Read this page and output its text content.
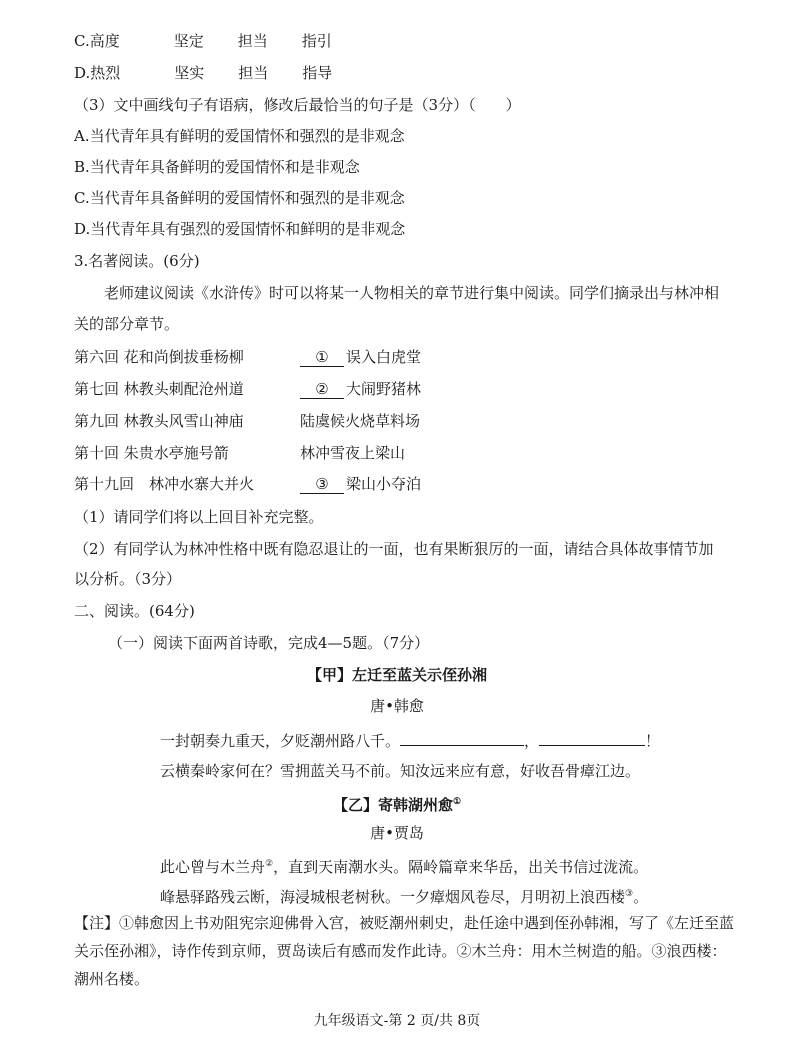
C.高度	坚定 担当 指引
D.热烈	坚实 担当 指导
（3）文中画线句子有语病，修改后最恰当的句子是（3分）（　　）
A.当代青年具有鲜明的爱国情怀和强烈的是非观念
B.当代青年具备鲜明的爱国情怀和是非观念
C.当代青年具备鲜明的爱国情怀和强烈的是非观念
D.当代青年具有强烈的爱国情怀和鲜明的是非观念
3.名著阅读。(6分)
老师建议阅读《水浒传》时可以将某一人物相关的章节进行集中阅读。同学们摘录出与林冲相
关的部分章节。
第六回 花和尚倒拔垂杨柳	① 误入白虎堂
第七回 林教头刺配沧州道	② 大闹野猪林
第九回 林教头风雪山神庙	陆虞候火烧草料场
第十回 朱贵水亭施号箭	林冲雪夜上梁山
第十九回　林冲水寨大并火	③ 梁山小夺泊
（1）请同学们将以上回目补充完整。
（2）有同学认为林冲性格中既有隐忍退让的一面，也有果断狠厉的一面，请结合具体故事情节加
以分析。（3分）
二、阅读。(64分)
（一）阅读下面两首诗歌，完成4—5题。（7分）
【甲】左迁至蓝关示侄孙湘
唐•韩愈
一封朝奏九重天，夕贬潮州路八千。	，	！
云横秦岭家何在？雪拥蓝关马不前。知汝远来应有意，好收吾骨瘴江边。
【乙】寄韩湖州愈①
唐•贾岛
此心曾与木兰舟②，直到天南潮水头。隔岭篇章来华岳，出关书信过泷流。
峰悬驿路残云断，海浸城根老树秋。一夕瘴烟风卷尽，月明初上浪西楼③。
【注】①韩愈因上书劝阻宪宗迎佛骨入宫，被贬潮州刺史，赴任途中遇到侄孙韩湘，写了《左迁至蓝关示侄孙湘》，诗作传到京师，贾岛读后有感而发作此诗。②木兰舟：用木兰树造的船。③浪西楼：潮州名楼。
九年级语文-第 2 页/共 8页
